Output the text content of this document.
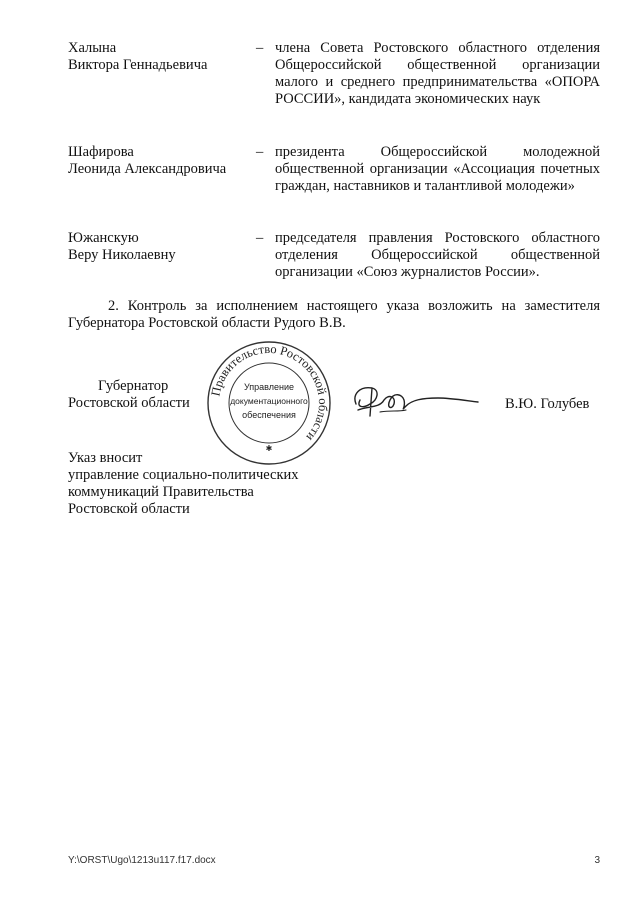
Халына
Виктора Геннадьевича
– члена Совета Ростовского областного отделения Общероссийской общественной организации малого и среднего предпринимательства «ОПОРА РОССИИ», кандидата экономических наук
Шафирова
Леонида Александровича
– президента Общероссийской молодежной общественной организации «Ассоциация почетных граждан, наставников и талантливой молодежи»
Южанскую
Веру Николаевну
– председателя правления Ростовского областного отделения Общероссийской общественной организации «Союз журналистов России».
2. Контроль за исполнением настоящего указа возложить на заместителя Губернатора Ростовской области Рудого В.В.
Губернатор
Ростовской области
Правительство Ростовской области
Управление
документационного
обеспечения
✱
В.Ю. Голубев
Указ вносит
управление социально-политических
коммуникаций Правительства
Ростовской области
Y:\ORST\Ugo\1213u117.f17.docx	3
